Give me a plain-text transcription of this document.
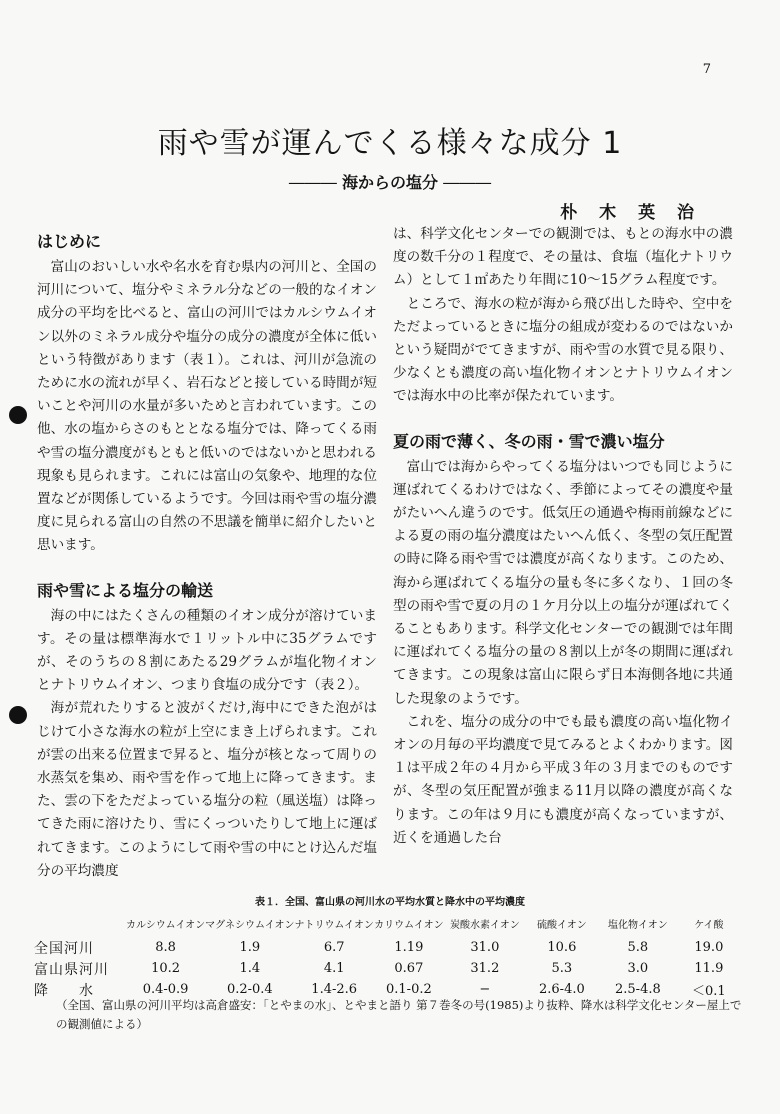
7
雨や雪が運んでくる様々な成分 1
――― 海からの塩分 ―――
朴 木 英 治
はじめに

富山のおいしい水や名水を育む県内の河川と、全国の河川について、塩分やミネラル分などの一般的なイオン成分の平均を比べると、富山の河川ではカルシウムイオン以外のミネラル成分や塩分の成分の濃度が全体に低いという特徴があります（表１）。これは、河川が急流のために水の流れが早く、岩石などと接している時間が短いことや河川の水量が多いためと言われています。この他、水の塩からさのもととなる塩分では、降ってくる雨や雪の塩分濃度がもともと低いのではないかと思われる現象も見られます。これには富山の気象や、地理的な位置などが関係しているようです。今回は雨や雪の塩分濃度に見られる富山の自然の不思議を簡単に紹介したいと思います。

雨や雪による塩分の輸送

海の中にはたくさんの種類のイオン成分が溶けています。その量は標準海水で１リットル中に35グラムですが、そのうちの８割にあたる29グラムが塩化物イオンとナトリウムイオン、つまり食塩の成分です（表２）。

海が荒れたりすると波がくだけ,海中にできた泡がはじけて小さな海水の粒が上空にまき上げられます。これが雲の出来る位置まで昇ると、塩分が核となって周りの水蒸気を集め、雨や雪を作って地上に降ってきます。また、雲の下をただよっている塩分の粒（風送塩）は降ってきた雨に溶けたり、雪にくっついたりして地上に運ばれてきます。このようにして雨や雪の中にとけ込んだ塩分の平均濃度

は、科学文化センターでの観測では、もとの海水中の濃度の数千分の１程度で、その量は、食塩（塩化ナトリウム）として１㎡あたり年間に10〜15グラム程度です。

ところで、海水の粒が海から飛び出した時や、空中をただよっているときに塩分の組成が変わるのではないかという疑問がでてきますが、雨や雪の水質で見る限り、少なくとも濃度の高い塩化物イオンとナトリウムイオンでは海水中の比率が保たれています。

夏の雨で薄く、冬の雨・雪で濃い塩分

富山では海からやってくる塩分はいつでも同じように運ばれてくるわけではなく、季節によってその濃度や量がたいへん違うのです。低気圧の通過や梅雨前線などによる夏の雨の塩分濃度はたいへん低く、冬型の気圧配置の時に降る雨や雪では濃度が高くなります。このため、海から運ばれてくる塩分の量も冬に多くなり、１回の冬型の雨や雪で夏の月の１ケ月分以上の塩分が運ばれてくることもあります。科学文化センターでの観測では年間に運ばれてくる塩分の量の８割以上が冬の期間に運ばれてきます。この現象は富山に限らず日本海側各地に共通した現象のようです。

これを、塩分の成分の中でも最も濃度の高い塩化物イオンの月毎の平均濃度で見てみるとよくわかります。図１は平成２年の４月から平成３年の３月までのものですが、冬型の気圧配置が強まる11月以降の濃度が高くなります。この年は９月にも濃度が高くなっていますが、近くを通過した台

表１．全国、富山県の河川水の平均水質と降水中の平均濃度
	カルシウムイオン	マグネシウムイオン	ナトリウムイオン	カリウムイオン	炭酸水素イオン	硫酸イオン	塩化物イオン	ケイ酸
全国河川	8.8	1.9	6.7	1.19	31.0	10.6	5.8	19.0
富山県河川	10.2	1.4	4.1	0.67	31.2	5.3	3.0	11.9
降　　水	0.4-0.9	0.2-0.4	1.4-2.6	0.1-0.2	−	2.6-4.0	2.5-4.8	＜0.1
（全国、富山県の河川平均は高倉盛安：「とやまの水」、とやまと語り 第７巻冬の号(1985)より抜粋、降水は科学文化センター屋上での観測値による）
